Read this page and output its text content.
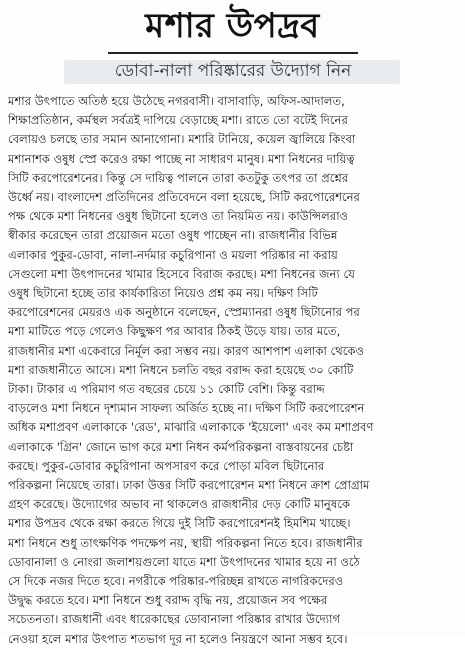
মশার উপদ্রব
ডোবা-নালা পরিষ্কারের উদ্যোগ নিন
মশার উৎপাতে অতিষ্ঠ হয়ে উঠেছে নগরবাসী। বাসাবাড়ি, অফিস-আদালত,
শিক্ষাপ্রতিষ্ঠান, কর্মস্থল সর্বত্রই দাপিয়ে বেড়াচ্ছে মশা। রাতে তো বটেই দিনের
বেলায়ও চলছে তার সমান আনাগোনা। মশারি টানিয়ে, কয়েল জ্বালিয়ে কিংবা
মশানাশক ওষুধ স্প্রে করেও রক্ষা পাচ্ছে না সাধারণ মানুষ। মশা নিধনের দায়িত্ব
সিটি করপোরেশনের। কিন্তু সে দায়িত্ব পালনে তারা কতটুকু তৎপর তা প্রশ্নের
উর্ধ্বে নয়। বাংলাদেশ প্রতিদিনের প্রতিবেদনে বলা হয়েছে, সিটি করপোরেশনের
পক্ষ থেকে মশা নিধনের ওষুধ ছিটানো হলেও তা নিয়মিত নয়। কাউন্সিলরাও
স্বীকার করেছেন তারা প্রয়োজন মতো ওষুধ পাচ্ছেন না। রাজধানীর বিভিন্ন
এলাকার পুকুর-ডোবা, নালা-নর্দমার কচুরিপানা ও ময়লা পরিষ্কার না করায়
সেগুলো মশা উৎপাদনের খামার হিসেবে বিরাজ করছে। মশা নিধনের জন্য যে
ওষুধ ছিটানো হচ্ছে তার কার্যকারিতা নিয়েও প্রশ্ন কম নয়। দক্ষিণ সিটি
করপোরেশনের মেয়রও এক অনুষ্ঠানে বলেছেন, স্প্রেম্যানরা ওষুধ ছিটানোর পর
মশা মাটিতে পড়ে গেলেও কিছুক্ষণ পর আবার ঠিকই উড়ে যায়। তার মতে,
রাজধানীর মশা একেবারে নির্মূল করা সম্ভব নয়। কারণ আশপাশ এলাকা থেকেও
মশা রাজধানীতে আসে। মশা নিধনে চলতি বছর বরাদ্দ করা হয়েছে ৩০ কোটি
টাকা। টাকার এ পরিমাণ গত বছরের চেয়ে ১১ কোটি বেশি। কিন্তু বরাদ্দ
বাড়লেও মশা নিধনে দৃশ্যমান সাফল্য অর্জিত হচ্ছে না। দক্ষিণ সিটি করপোরেশন
অধিক মশাপ্রবণ এলাকাকে 'রেড', মাঝারি এলাকাকে 'ইয়েলো' এবং কম মশাপ্রবণ
এলাকাকে 'গ্রিন' জোনে ভাগ করে মশা নিধন কর্মপরিকল্পনা বাস্তবায়নের চেষ্টা
করছে। পুকুর-ডোবার কচুরিপানা অপসারণ করে পোড়া মবিল ছিটানোর
পরিকল্পনা নিয়েছে তারা। ঢাকা উত্তর সিটি করপোরেশন মশা নিধনে ক্রাশ প্রোগ্রাম
গ্রহণ করেছে। উদ্যোগের অভাব না থাকলেও রাজধানীর দেড় কোটি মানুষকে
মশার উপদ্রব থেকে রক্ষা করতে গিয়ে দুই সিটি করপোরেশনই হিমশিম খাচ্ছে।
মশা নিধনে শুধু তাৎক্ষণিক পদক্ষেপ নয়, স্থায়ী পরিকল্পনা নিতে হবে। রাজধানীর
ডোবানালা ও নোংরা জলাশয়গুলো যাতে মশা উৎপাদনের খামার হয়ে না ওঠে
সে দিকে নজর দিতে হবে। নগরীকে পরিষ্কার-পরিচ্ছন্ন রাখতে নাগরিকদেরও
উদ্বুদ্ধ করতে হবে। মশা নিধনে শুধু বরাদ্দ বৃদ্ধি নয়, প্রয়োজন সব পক্ষের
সচেতনতা। রাজধানী এবং ধারেকাছের ডোবানালা পরিষ্কার রাখার উদ্যোগ
নেওয়া হলে মশার উৎপাত শতভাগ দূর না হলেও নিয়ন্ত্রণে আনা সম্ভব হবে।
